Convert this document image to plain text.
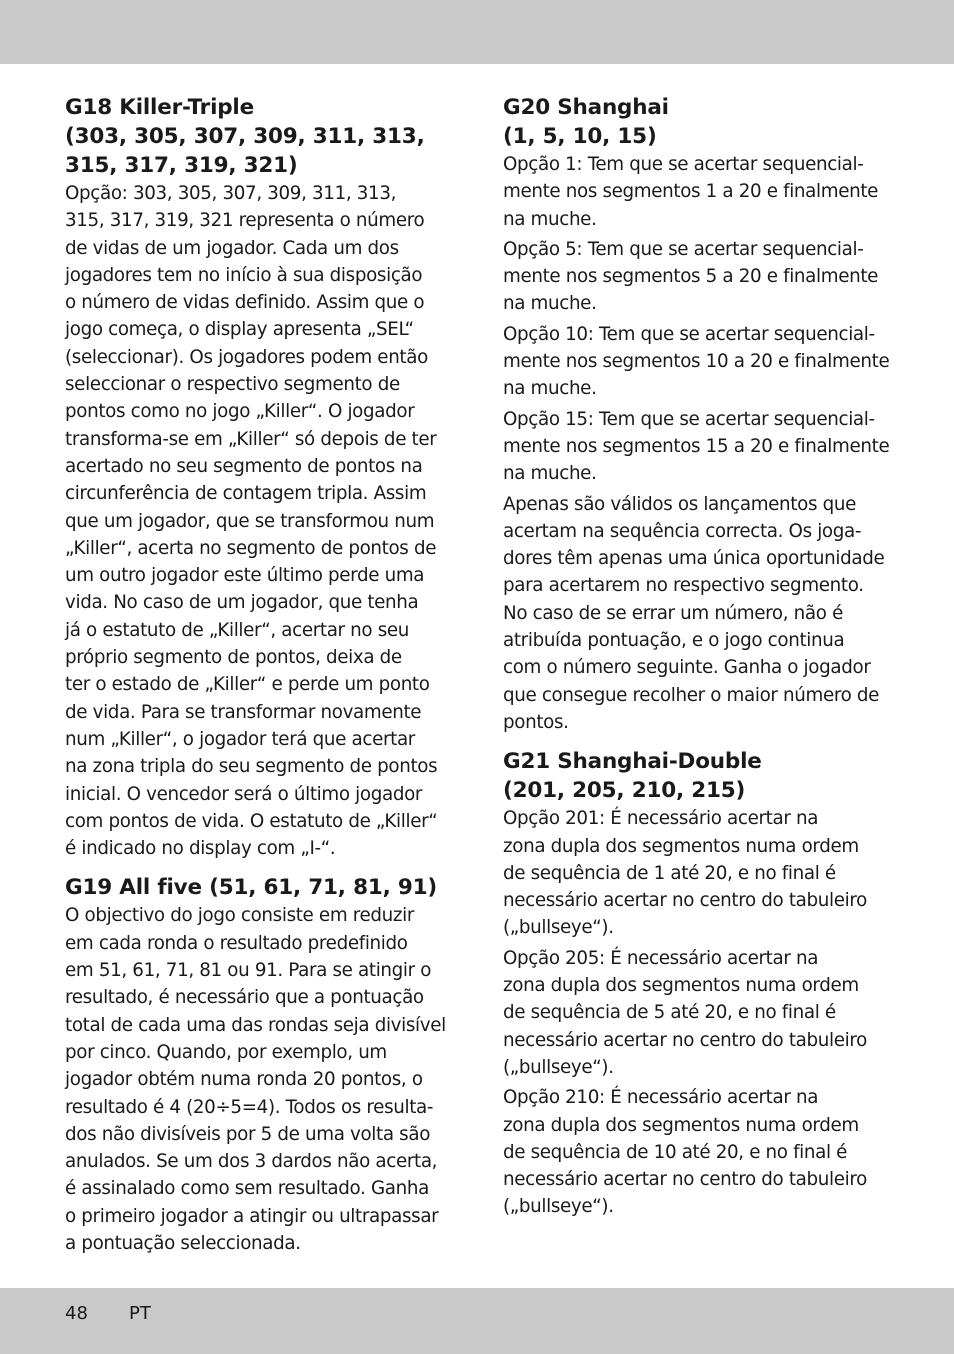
G18 Killer-Triple
(303, 305, 307, 309, 311, 313,
315, 317, 319, 321)

Opção: 303, 305, 307, 309, 311, 313,
315, 317, 319, 321 representa o número
de vidas de um jogador. Cada um dos
jogadores tem no início à sua disposição
o número de vidas definido. Assim que o
jogo começa, o display apresenta „SEL“
(seleccionar). Os jogadores podem então
seleccionar o respectivo segmento de
pontos como no jogo „Killer“. O jogador
transforma-se em „Killer“ só depois de ter
acertado no seu segmento de pontos na
circunferência de contagem tripla. Assim
que um jogador, que se transformou num
„Killer“, acerta no segmento de pontos de
um outro jogador este último perde uma
vida. No caso de um jogador, que tenha
já o estatuto de „Killer“, acertar no seu
próprio segmento de pontos, deixa de
ter o estado de „Killer“ e perde um ponto
de vida. Para se transformar novamente
num „Killer“, o jogador terá que acertar
na zona tripla do seu segmento de pontos
inicial. O vencedor será o último jogador
com pontos de vida. O estatuto de „Killer“
é indicado no display com „I-“.

G19 All five (51, 61, 71, 81, 91)

O objectivo do jogo consiste em reduzir
em cada ronda o resultado predefinido
em 51, 61, 71, 81 ou 91. Para se atingir o
resultado, é necessário que a pontuação
total de cada uma das rondas seja divisível
por cinco. Quando, por exemplo, um
jogador obtém numa ronda 20 pontos, o
resultado é 4 (20÷5=4). Todos os resulta-
dos não divisíveis por 5 de uma volta são
anulados. Se um dos 3 dardos não acerta,
é assinalado como sem resultado. Ganha
o primeiro jogador a atingir ou ultrapassar
a pontuação seleccionada.

G20 Shanghai
(1, 5, 10, 15)

Opção 1: Tem que se acertar sequencial-
mente nos segmentos 1 a 20 e finalmente
na muche.

Opção 5: Tem que se acertar sequencial-
mente nos segmentos 5 a 20 e finalmente
na muche.

Opção 10: Tem que se acertar sequencial-
mente nos segmentos 10 a 20 e finalmente
na muche.

Opção 15: Tem que se acertar sequencial-
mente nos segmentos 15 a 20 e finalmente
na muche.

Apenas são válidos os lançamentos que
acertam na sequência correcta. Os joga-
dores têm apenas uma única oportunidade
para acertarem no respectivo segmento.
No caso de se errar um número, não é
atribuída pontuação, e o jogo continua
com o número seguinte. Ganha o jogador
que consegue recolher o maior número de
pontos.

G21 Shanghai-Double
(201, 205, 210, 215)

Opção 201: É necessário acertar na
zona dupla dos segmentos numa ordem
de sequência de 1 até 20, e no final é
necessário acertar no centro do tabuleiro
(„bullseye“).

Opção 205: É necessário acertar na
zona dupla dos segmentos numa ordem
de sequência de 5 até 20, e no final é
necessário acertar no centro do tabuleiro
(„bullseye“).

Opção 210: É necessário acertar na
zona dupla dos segmentos numa ordem
de sequência de 10 até 20, e no final é
necessário acertar no centro do tabuleiro
(„bullseye“).

48 PT
